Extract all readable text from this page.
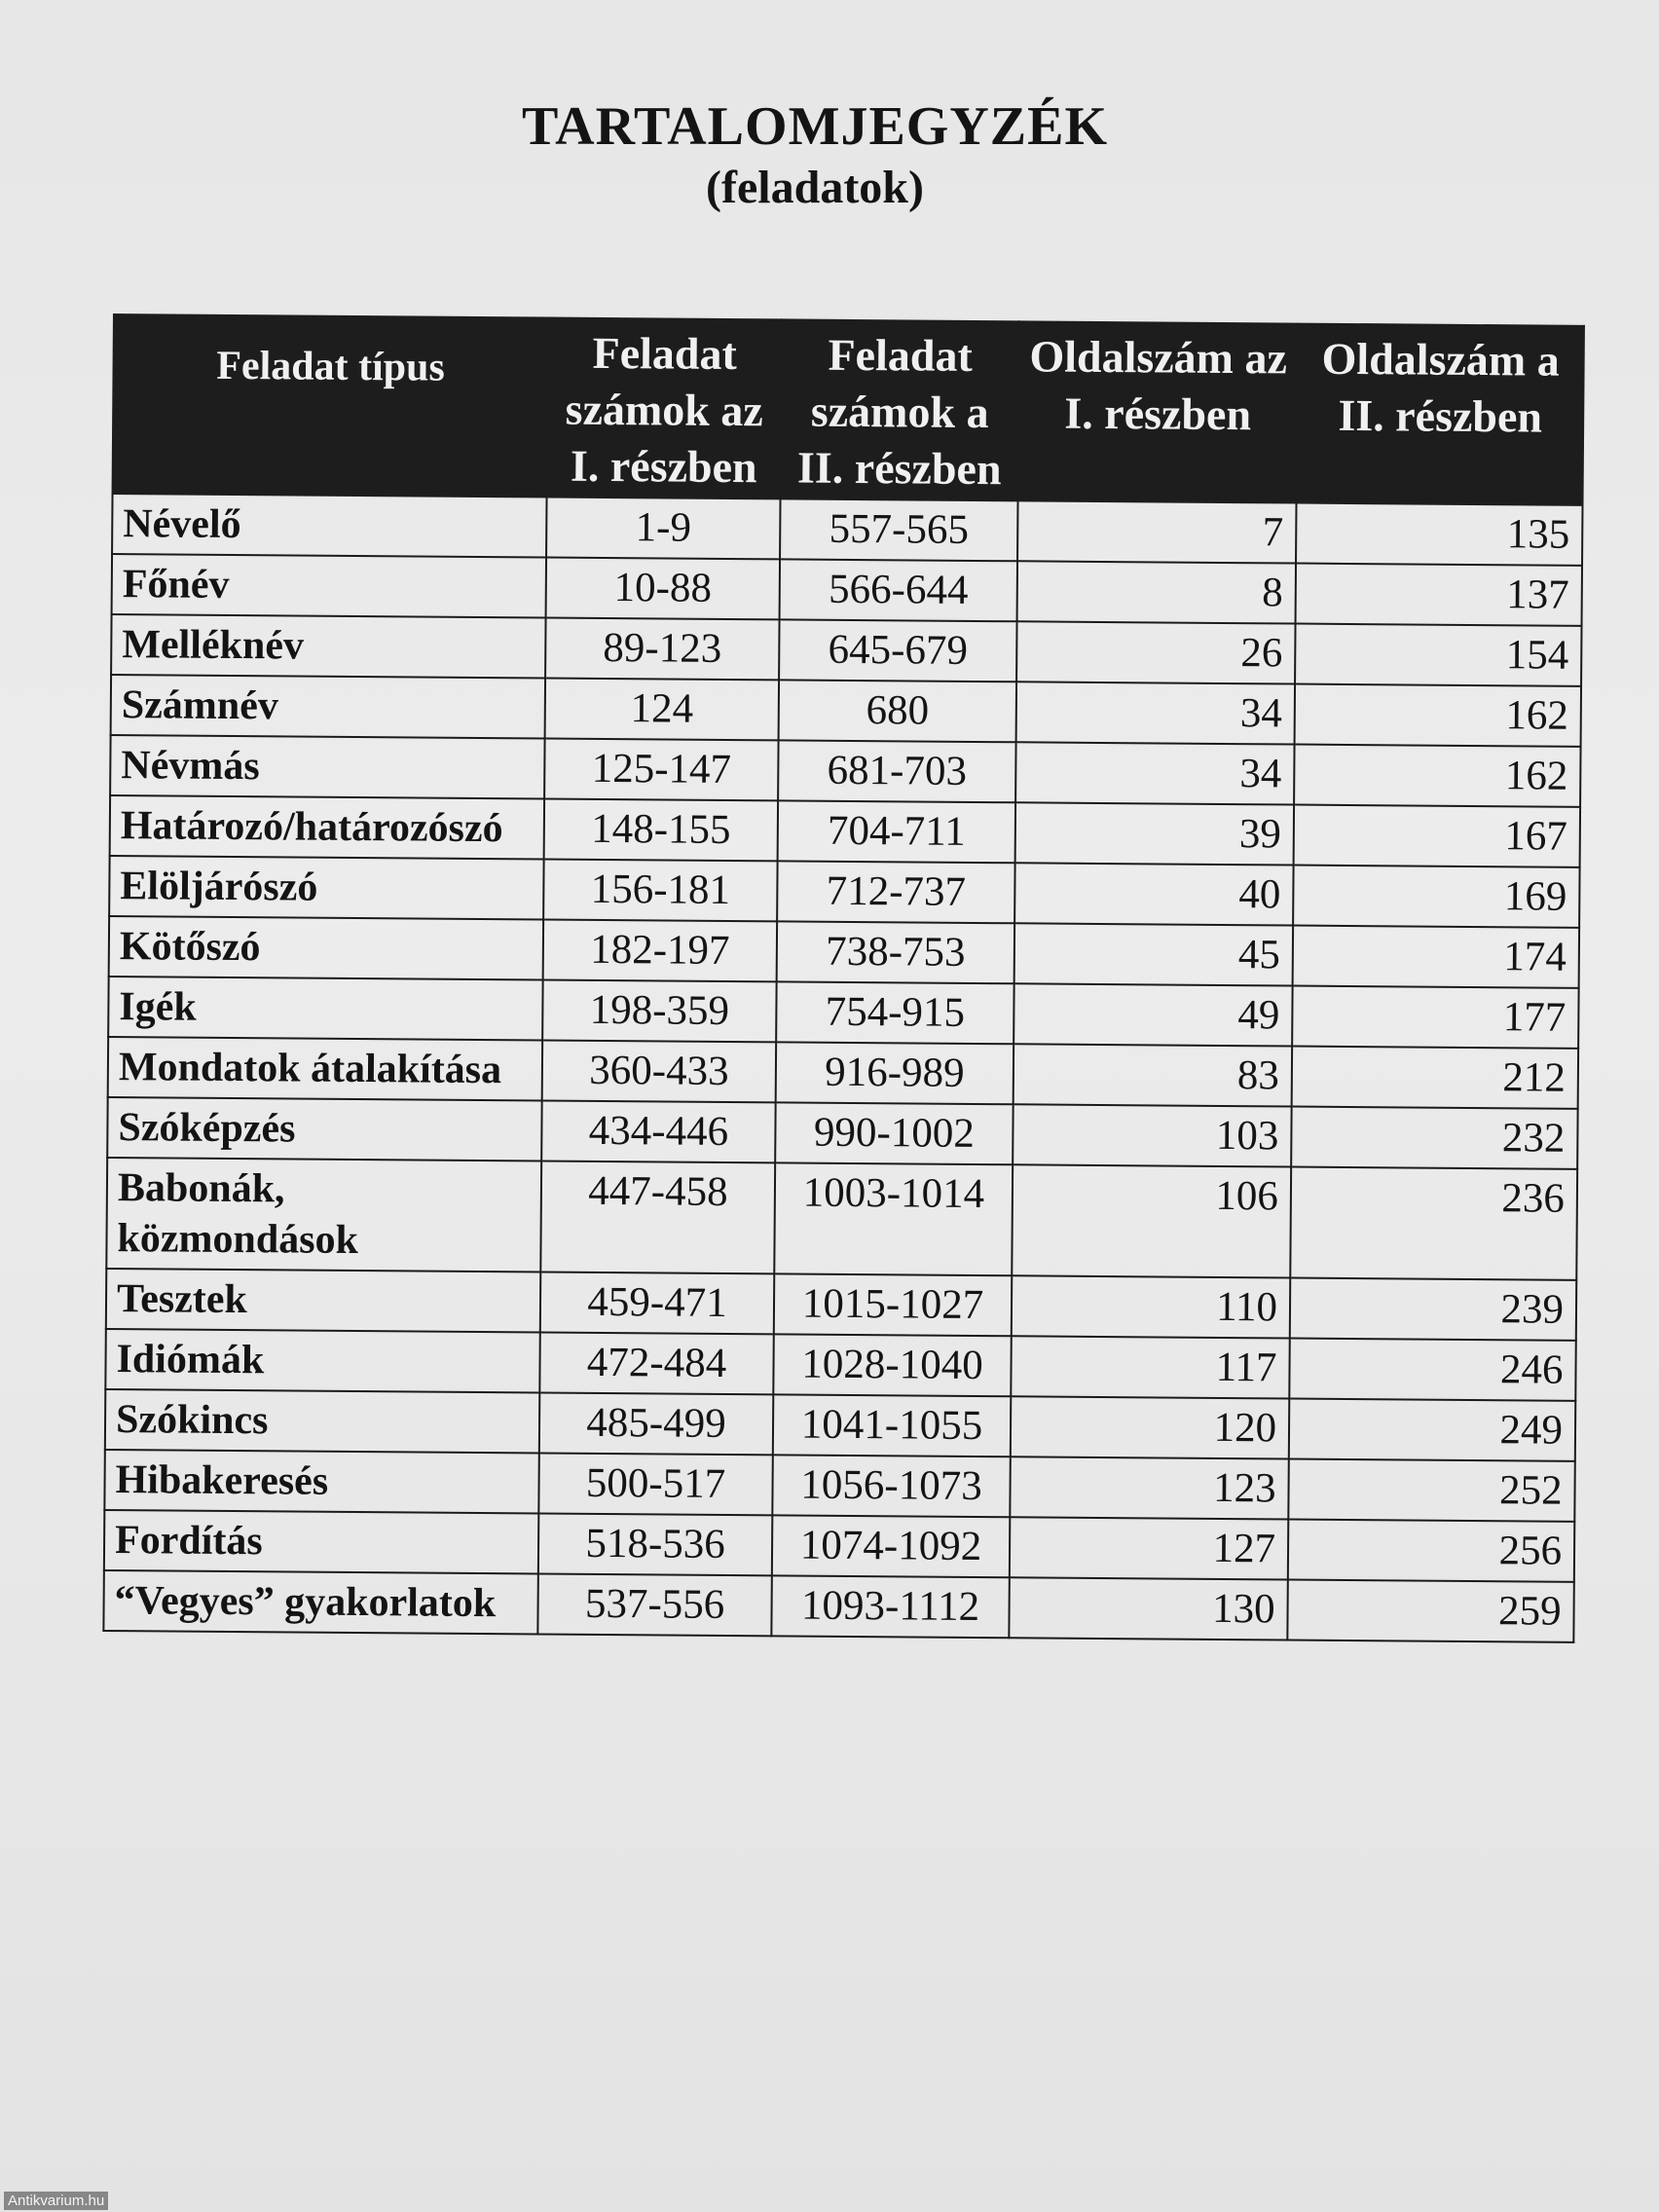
TARTALOMJEGYZÉK
(feladatok)
Feladat típus	Feladat számok az I. részben	Feladat számok a II. részben	Oldalszám az I. részben	Oldalszám a II. részben
Névelő	1-9	557-565	7	135
Főnév	10-88	566-644	8	137
Melléknév	89-123	645-679	26	154
Számnév	124	680	34	162
Névmás	125-147	681-703	34	162
Határozó/határozószó	148-155	704-711	39	167
Elöljárószó	156-181	712-737	40	169
Kötőszó	182-197	738-753	45	174
Igék	198-359	754-915	49	177
Mondatok átalakítása	360-433	916-989	83	212
Szóképzés	434-446	990-1002	103	232
Babonák, közmondások	447-458	1003-1014	106	236
Tesztek	459-471	1015-1027	110	239
Idiómák	472-484	1028-1040	117	246
Szókincs	485-499	1041-1055	120	249
Hibakeresés	500-517	1056-1073	123	252
Fordítás	518-536	1074-1092	127	256
“Vegyes” gyakorlatok	537-556	1093-1112	130	259
Antikvarium.hu
